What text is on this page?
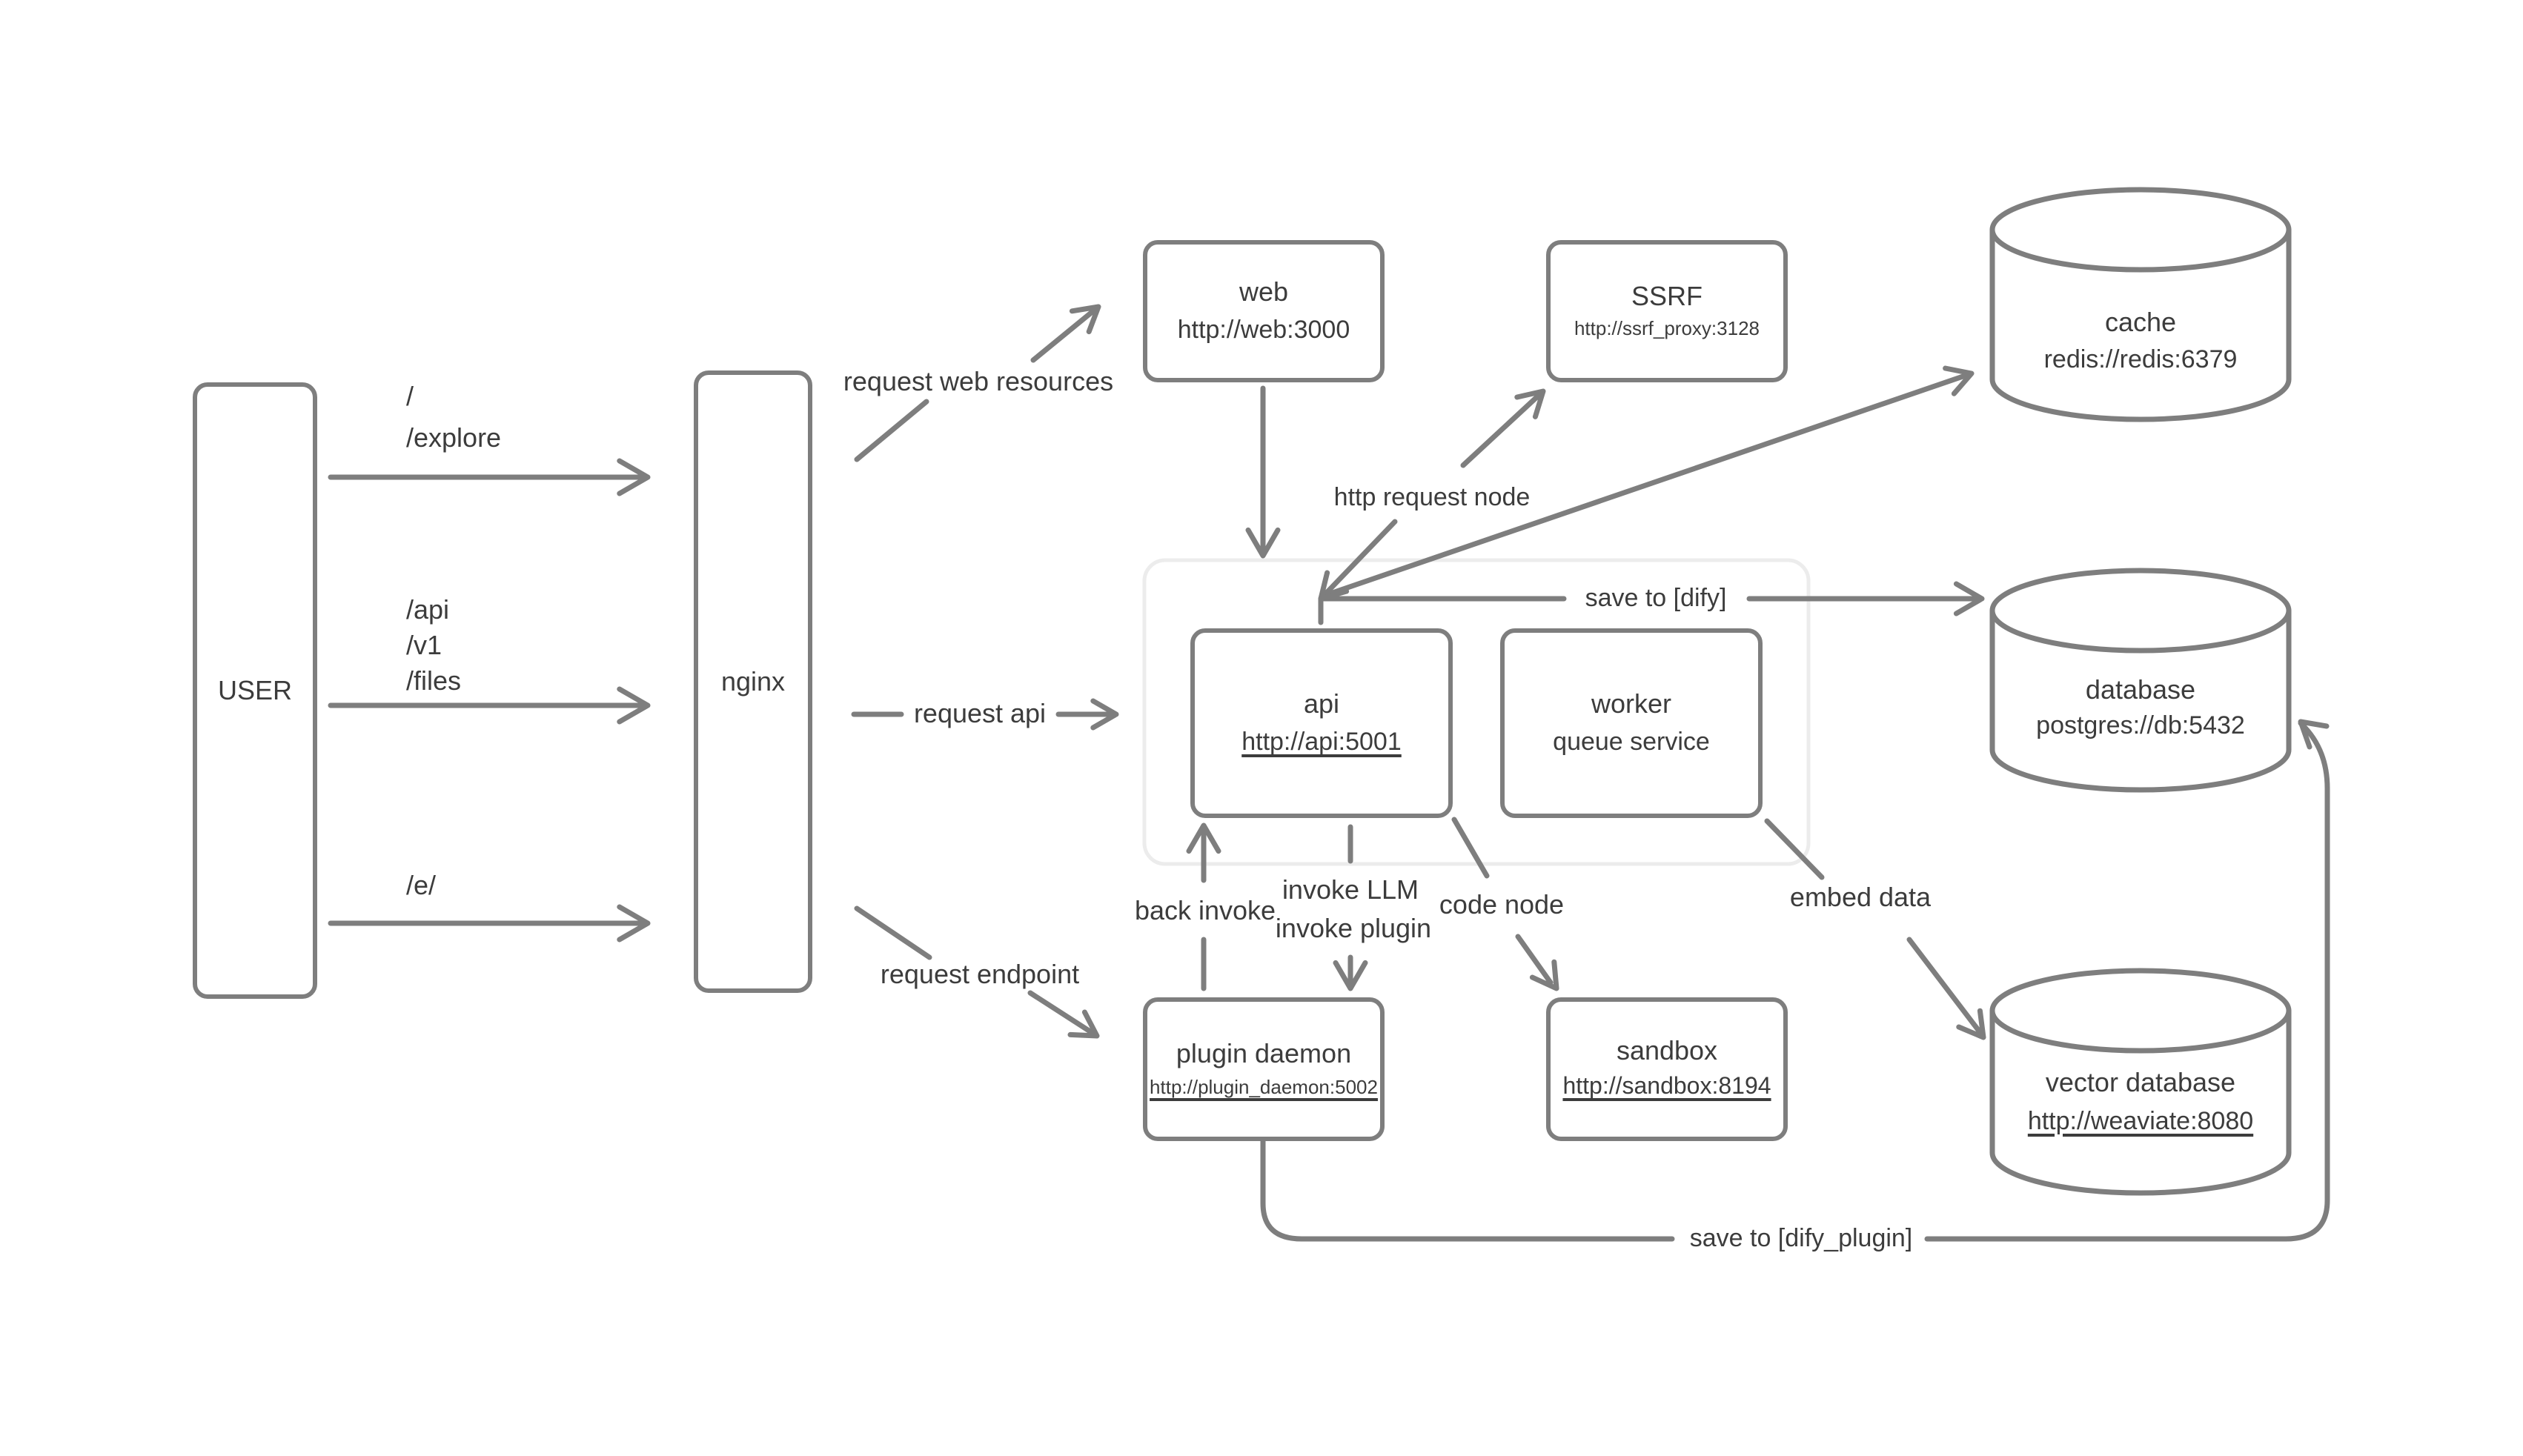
USER	nginx
web
http://web:3000
SSRF
http://ssrf_proxy:3128
api
http://api:5001
worker
queue service
plugin daemon
http://plugin_daemon:5002
sandbox
http://sandbox:8194
cache
redis://redis:6379
database
postgres://db:5432
vector database
http://weaviate:8080
/
/explore
/api
/v1
/files
/e/
request web resources
http request node
save to [dify]
request api
request endpoint
back invoke
invoke LLM
invoke plugin
code node	embed data
save to [dify_plugin]
